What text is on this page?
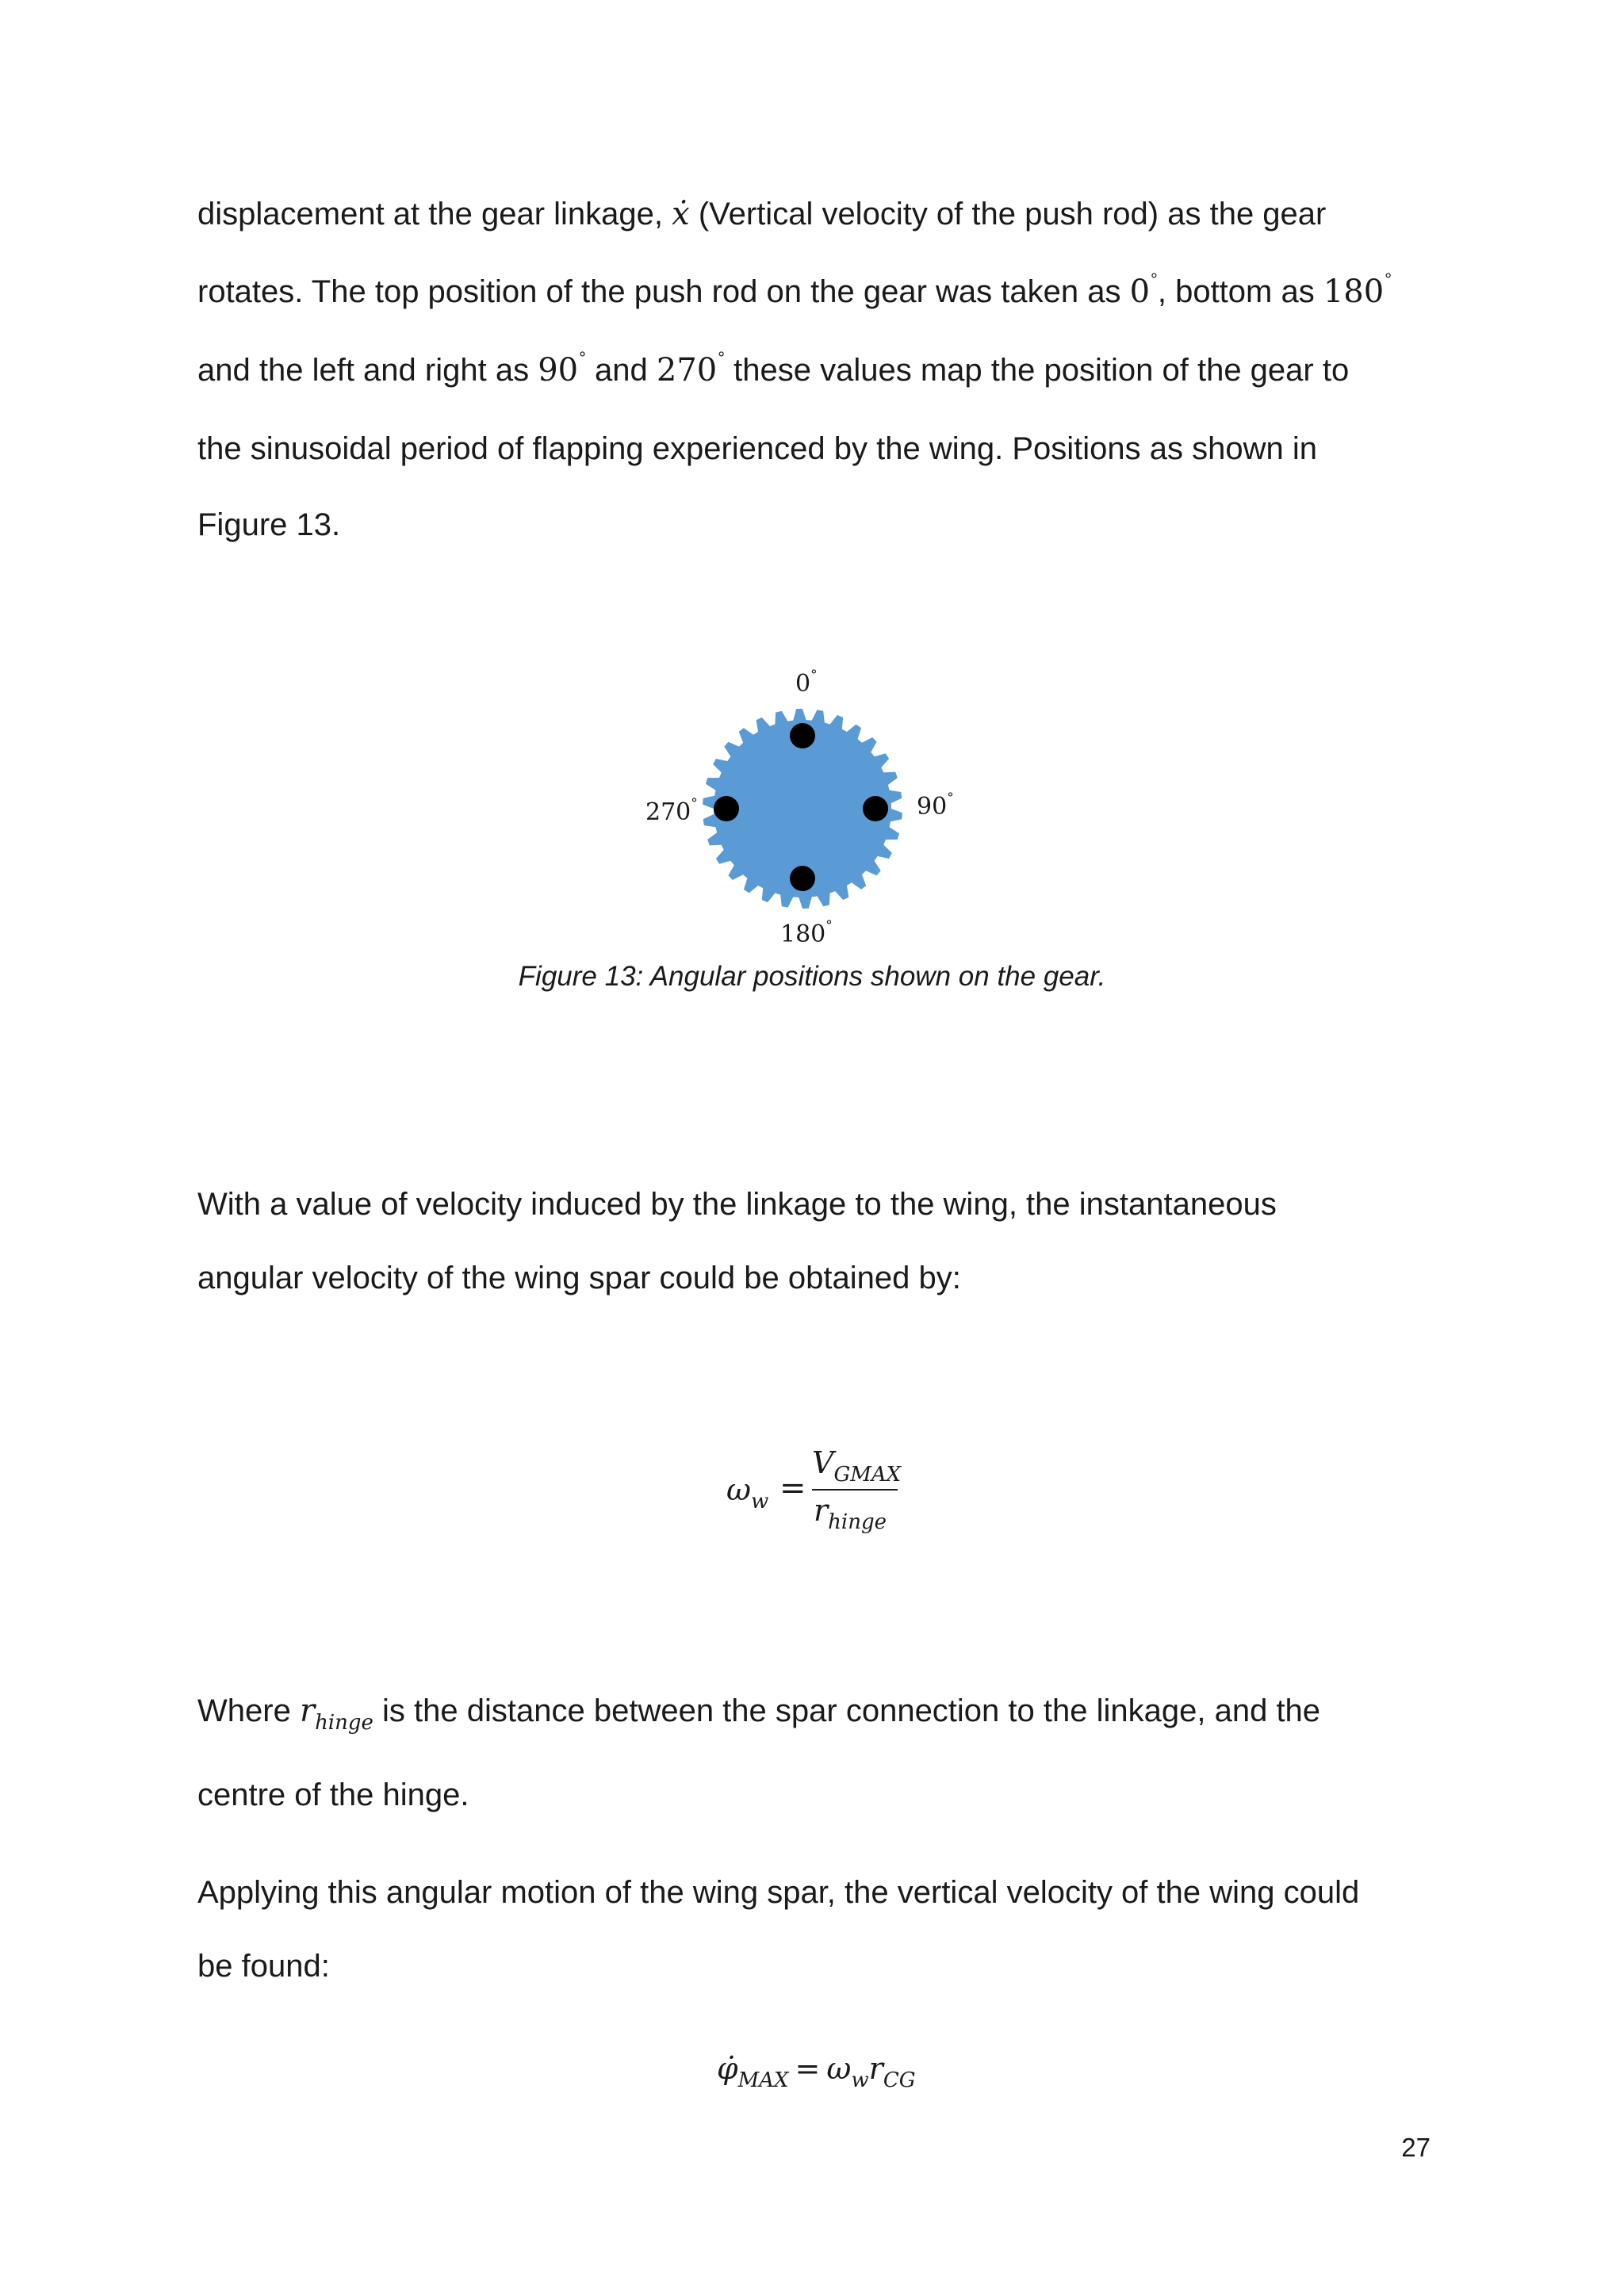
displacement at the gear linkage, ẋ (Vertical velocity of the push rod) as the gear
rotates. The top position of the push rod on the gear was taken as 0°, bottom as 180°
and the left and right as 90° and 270° these values map the position of the gear to
the sinusoidal period of flapping experienced by the wing. Positions as shown in
Figure 13.
0°
90°
180°
270°
Figure 13: Angular positions shown on the gear.
With a value of velocity induced by the linkage to the wing, the instantaneous
angular velocity of the wing spar could be obtained by:
$\omega_w$ =
$V_{GMAX}$
$r_{hinge}$
Where $r_{hinge}$ is the distance between the spar connection to the linkage, and the
centre of the hinge.
Applying this angular motion of the wing spar, the vertical velocity of the wing could
be found:
$\varphi̇_{MAX} = \omega_wr_{CG}$
27
